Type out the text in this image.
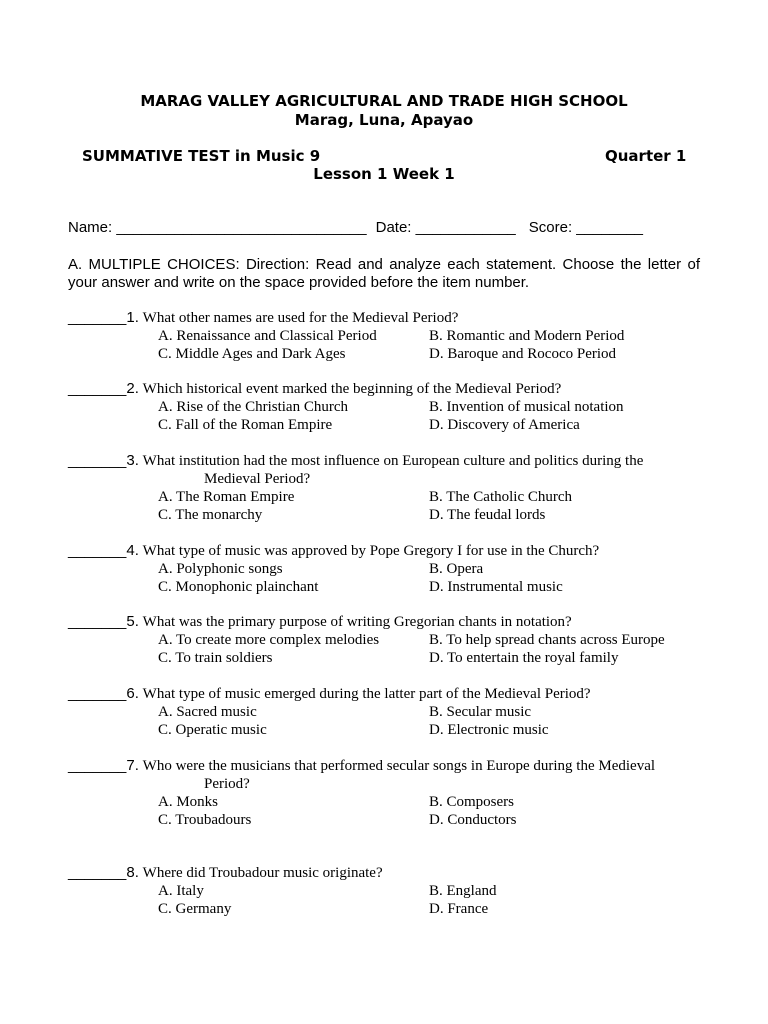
MARAG VALLEY AGRICULTURAL AND TRADE HIGH SCHOOL
Marag, Luna, Apayao
SUMMATIVE TEST in Music 9	Quarter 1
Lesson 1 Week 1
Name: ______________________________ Date: ____________ Score: ________
A. MULTIPLE CHOICES: Direction: Read and analyze each statement. Choose the letter of your answer and write on the space provided before the item number.
_______1. What other names are used for the Medieval Period?
A. Renaissance and Classical Period	B. Romantic and Modern Period
C. Middle Ages and Dark Ages	D. Baroque and Rococo Period
_______2. Which historical event marked the beginning of the Medieval Period?
A. Rise of the Christian Church	B. Invention of musical notation
C. Fall of the Roman Empire	D. Discovery of America
_______3. What institution had the most influence on European culture and politics during the
Medieval Period?
A. The Roman Empire	B. The Catholic Church
C. The monarchy	D. The feudal lords
_______4. What type of music was approved by Pope Gregory I for use in the Church?
A. Polyphonic songs	B. Opera
C. Monophonic plainchant	D. Instrumental music
_______5. What was the primary purpose of writing Gregorian chants in notation?
A. To create more complex melodies	B. To help spread chants across Europe
C. To train soldiers	D. To entertain the royal family
_______6. What type of music emerged during the latter part of the Medieval Period?
A. Sacred music	B. Secular music
C. Operatic music	D. Electronic music
_______7. Who were the musicians that performed secular songs in Europe during the Medieval
Period?
A. Monks	B. Composers
C. Troubadours	D. Conductors
_______8. Where did Troubadour music originate?
A. Italy	B. England
C. Germany	D. France
